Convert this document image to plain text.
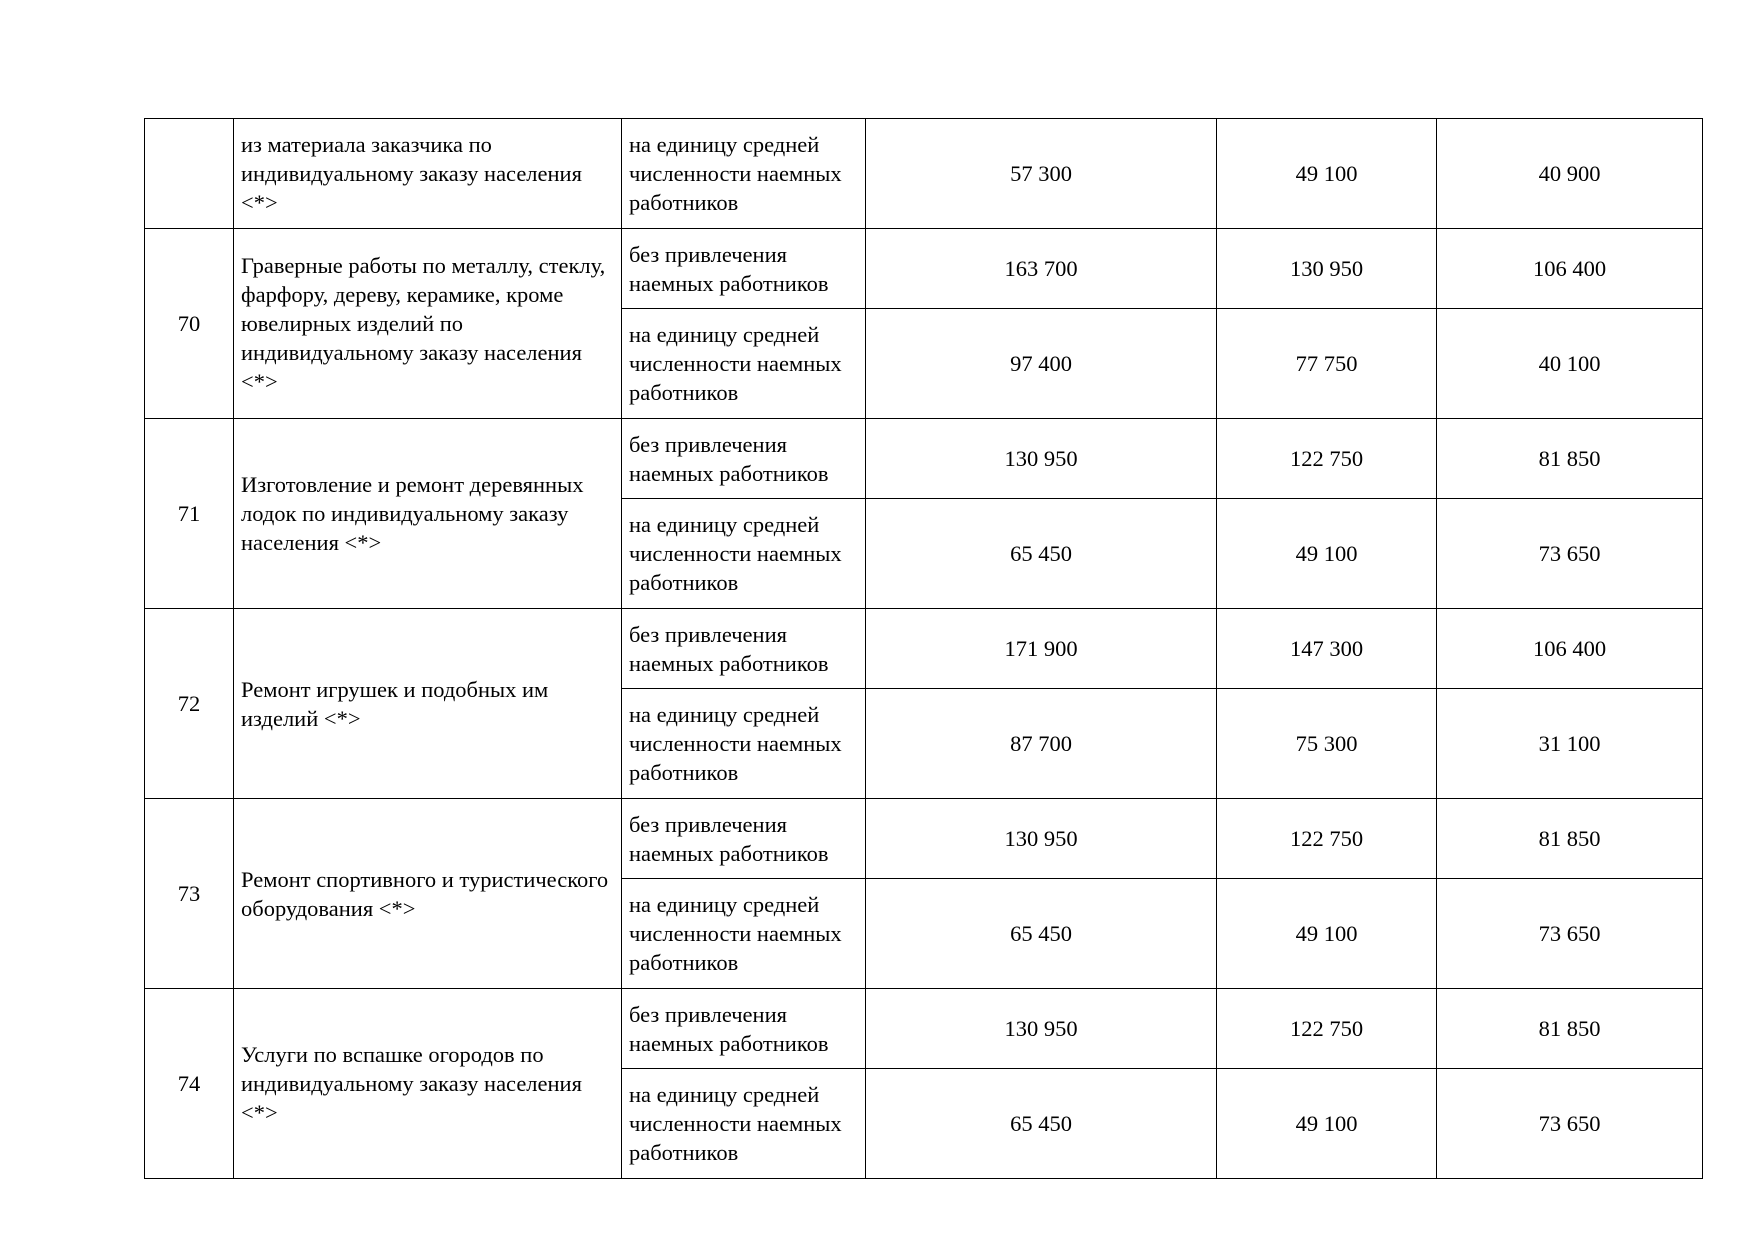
	из материала заказчика по индивидуальному заказу населения <*>	на единицу средней численности наемных работников	57 300	49 100	40 900
70	Граверные работы по металлу, стеклу, фарфору, дереву, керамике, кроме ювелирных изделий по индивидуальному заказу населения <*>	без привлечения наемных работников	163 700	130 950	106 400
		на единицу средней численности наемных работников	97 400	77 750	40 100
71	Изготовление и ремонт деревянных лодок по индивидуальному заказу населения <*>	без привлечения наемных работников	130 950	122 750	81 850
		на единицу средней численности наемных работников	65 450	49 100	73 650
72	Ремонт игрушек и подобных им изделий <*>	без привлечения наемных работников	171 900	147 300	106 400
		на единицу средней численности наемных работников	87 700	75 300	31 100
73	Ремонт спортивного и туристического оборудования <*>	без привлечения наемных работников	130 950	122 750	81 850
		на единицу средней численности наемных работников	65 450	49 100	73 650
74	Услуги по вспашке огородов по индивидуальному заказу населения <*>	без привлечения наемных работников	130 950	122 750	81 850
		на единицу средней численности наемных работников	65 450	49 100	73 650
